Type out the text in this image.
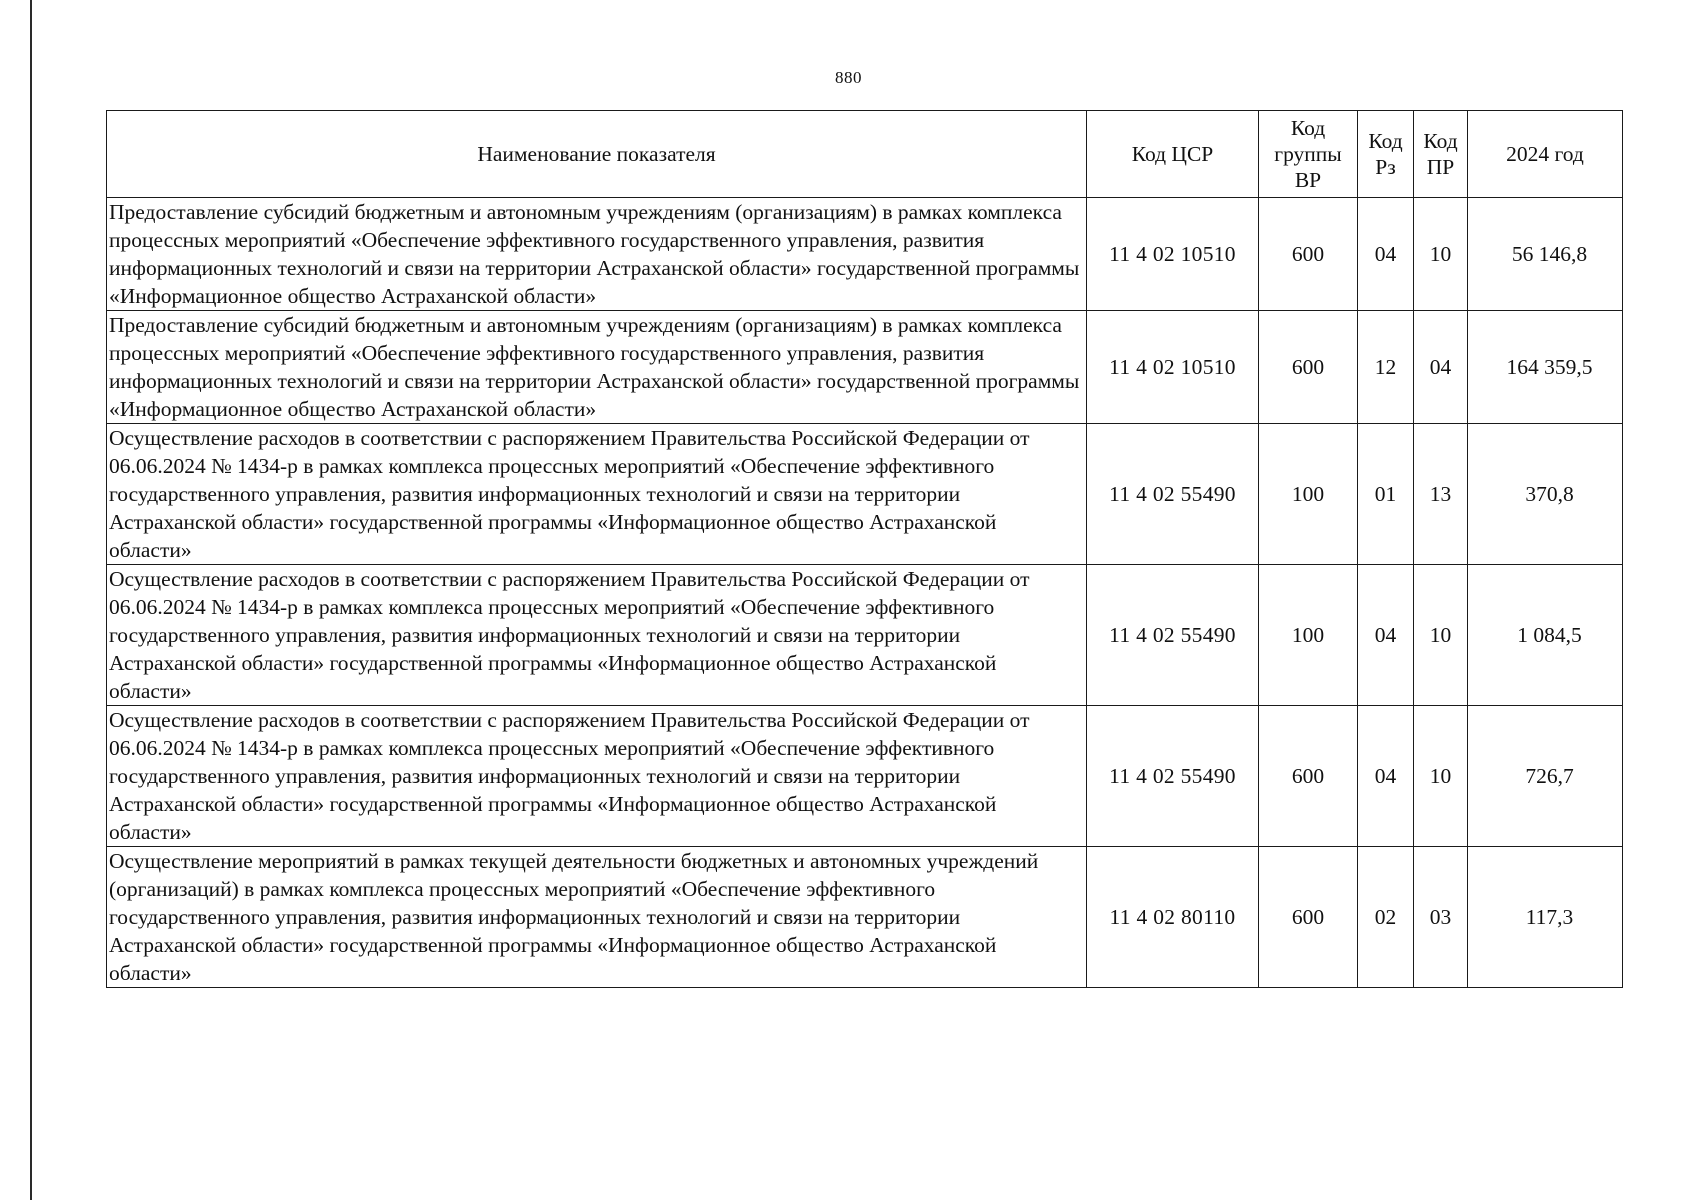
880
Наименование показателя	Код ЦСР	Код группы ВР	Код Рз	Код ПР	2024 год
Предоставление субсидий бюджетным и автономным учреждениям (организациям) в рамках комплекса процессных мероприятий «Обеспечение эффективного государственного управления, развития информационных технологий и связи на территории Астраханской области» государственной программы «Информационное общество Астраханской области»	11 4 02 10510	600	04	10	56 146,8
Предоставление субсидий бюджетным и автономным учреждениям (организациям) в рамках комплекса процессных мероприятий «Обеспечение эффективного государственного управления, развития информационных технологий и связи на территории Астраханской области» государственной программы «Информационное общество Астраханской области»	11 4 02 10510	600	12	04	164 359,5
Осуществление расходов в соответствии с распоряжением Правительства Российской Федерации от 06.06.2024 № 1434-р в рамках комплекса процессных мероприятий «Обеспечение эффективного государственного управления, развития информационных технологий и связи на территории Астраханской области» государственной программы «Информационное общество Астраханской области»	11 4 02 55490	100	01	13	370,8
Осуществление расходов в соответствии с распоряжением Правительства Российской Федерации от 06.06.2024 № 1434-р в рамках комплекса процессных мероприятий «Обеспечение эффективного государственного управления, развития информационных технологий и связи на территории Астраханской области» государственной программы «Информационное общество Астраханской области»	11 4 02 55490	100	04	10	1 084,5
Осуществление расходов в соответствии с распоряжением Правительства Российской Федерации от 06.06.2024 № 1434-р в рамках комплекса процессных мероприятий «Обеспечение эффективного государственного управления, развития информационных технологий и связи на территории Астраханской области» государственной программы «Информационное общество Астраханской области»	11 4 02 55490	600	04	10	726,7
Осуществление мероприятий в рамках текущей деятельности бюджетных и автономных учреждений (организаций) в рамках комплекса процессных мероприятий «Обеспечение эффективного государственного управления, развития информационных технологий и связи на территории Астраханской области» государственной программы «Информационное общество Астраханской области»	11 4 02 80110	600	02	03	117,3
